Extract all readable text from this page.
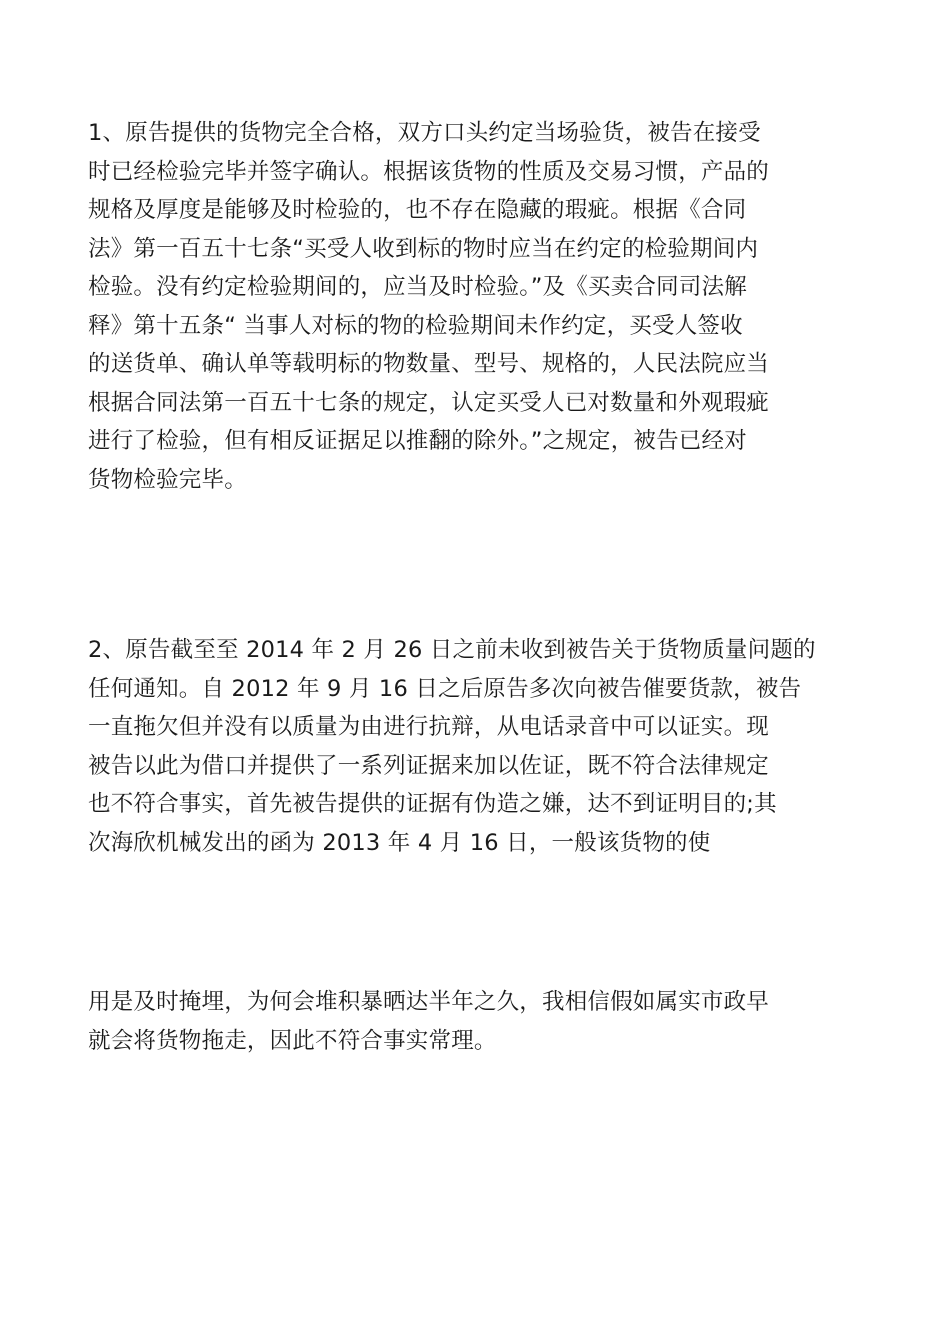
1、原告提供的货物完全合格，双方口头约定当场验货，被告在接受
时已经检验完毕并签字确认。根据该货物的性质及交易习惯，产品的
规格及厚度是能够及时检验的，也不存在隐藏的瑕疵。根据《合同
法》第一百五十七条“买受人收到标的物时应当在约定的检验期间内
检验。没有约定检验期间的，应当及时检验。”及《买卖合同司法解
释》第十五条“ 当事人对标的物的检验期间未作约定，买受人签收
的送货单、确认单等载明标的物数量、型号、规格的，人民法院应当
根据合同法第一百五十七条的规定，认定买受人已对数量和外观瑕疵
进行了检验，但有相反证据足以推翻的除外。”之规定，被告已经对
货物检验完毕。

2、原告截至至 2014 年 2 月 26 日之前未收到被告关于货物质量问题的
任何通知。自 2012 年 9 月 16 日之后原告多次向被告催要货款，被告
一直拖欠但并没有以质量为由进行抗辩，从电话录音中可以证实。现
被告以此为借口并提供了一系列证据来加以佐证，既不符合法律规定
也不符合事实，首先被告提供的证据有伪造之嫌，达不到证明目的;其
次海欣机械发出的函为 2013 年 4 月 16 日，一般该货物的使

用是及时掩埋，为何会堆积暴晒达半年之久，我相信假如属实市政早
就会将货物拖走，因此不符合事实常理。
